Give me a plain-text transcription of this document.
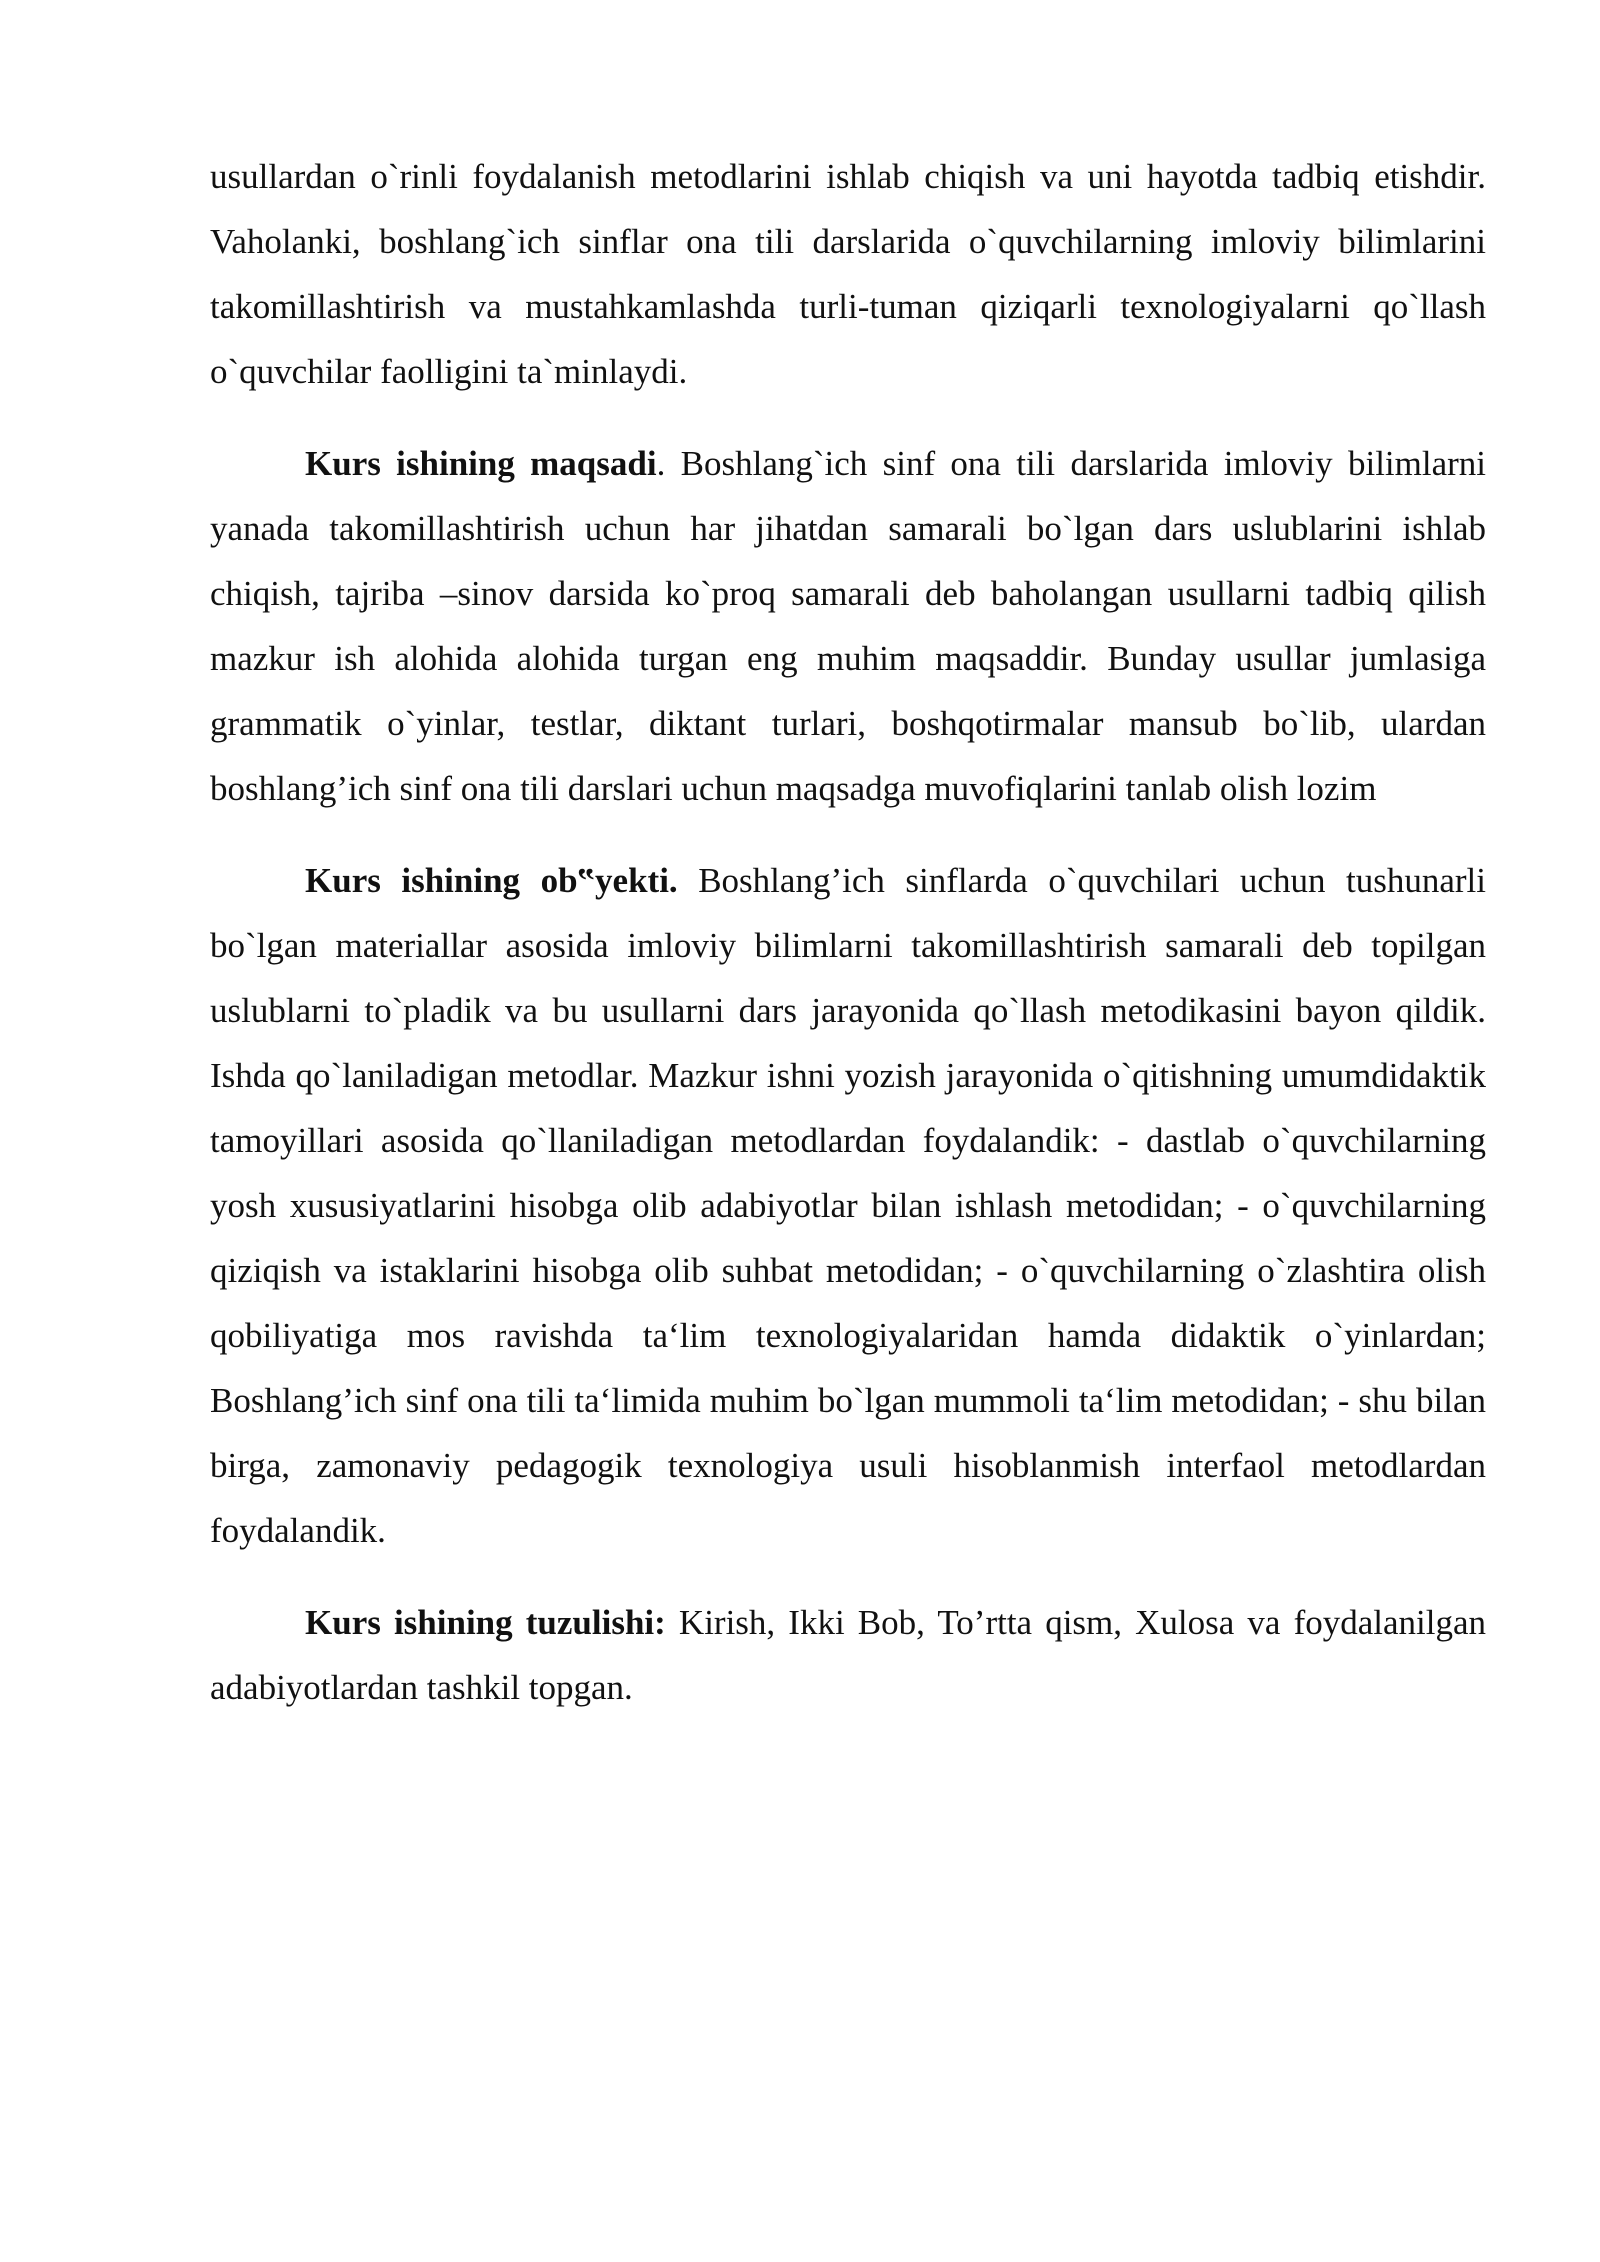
usullardan o`rinli foydalanish metodlarini ishlab chiqish va uni hayotda tadbiq etishdir. Vaholanki, boshlang`ich sinflar ona tili darslarida o`quvchilarning imloviy bilimlarini takomillashtirish va mustahkamlashda turli-tuman qiziqarli texnologiyalarni qo`llash o`quvchilar faolligini ta`minlaydi.

Kurs ishining maqsadi. Boshlang`ich sinf ona tili darslarida imloviy bilimlarni yanada takomillashtirish uchun har jihatdan samarali bo`lgan dars uslublarini ishlab chiqish, tajriba –sinov darsida ko`proq samarali deb baholangan usullarni tadbiq qilish mazkur ish alohida alohida turgan eng muhim maqsaddir. Bunday usullar jumlasiga grammatik o`yinlar, testlar, diktant turlari, boshqotirmalar mansub bo`lib, ulardan boshlang’ich sinf ona tili darslari uchun maqsadga muvofiqlarini tanlab olish lozim

Kurs ishining ob‟yekti. Boshlang’ich sinflarda o`quvchilari uchun tushunarli bo`lgan materiallar asosida imloviy bilimlarni takomillashtirish samarali deb topilgan uslublarni to`pladik va bu usullarni dars jarayonida qo`llash metodikasini bayon qildik. Ishda qo`laniladigan metodlar. Mazkur ishni yozish jarayonida o`qitishning umumdidaktik tamoyillari asosida qo`llaniladigan metodlardan foydalandik: - dastlab o`quvchilarning yosh xususiyatlarini hisobga olib adabiyotlar bilan ishlash metodidan; - o`quvchilarning qiziqish va istaklarini hisobga olib suhbat metodidan; - o`quvchilarning o`zlashtira olish qobiliyatiga mos ravishda ta‘lim texnologiyalaridan hamda didaktik o`yinlardan; Boshlang’ich sinf ona tili ta‘limida muhim bo`lgan mummoli ta‘lim metodidan; - shu bilan birga, zamonaviy pedagogik texnologiya usuli hisoblanmish interfaol metodlardan foydalandik.

Kurs ishining tuzulishi: Kirish, Ikki Bob, To’rtta qism, Xulosa va foydalanilgan adabiyotlardan tashkil topgan.
